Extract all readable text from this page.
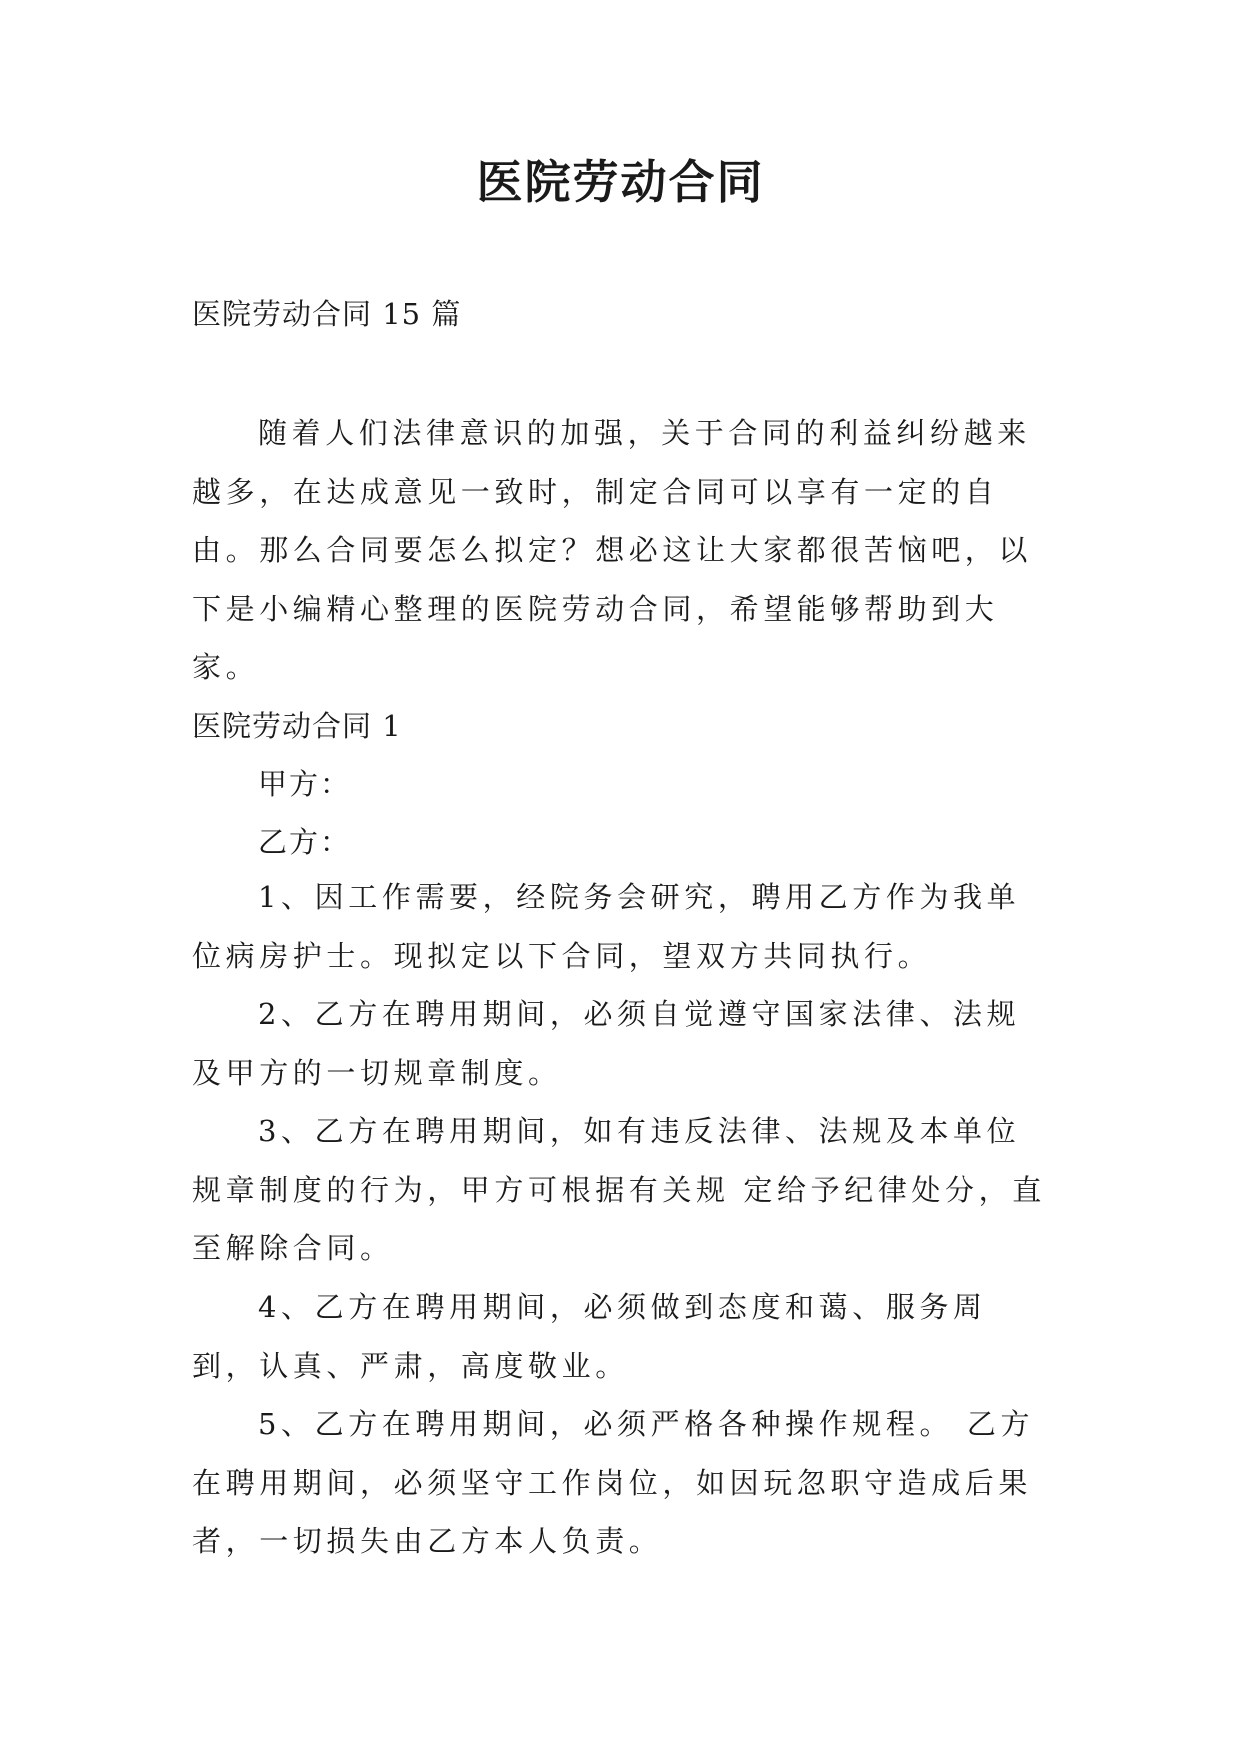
医院劳动合同
医院劳动合同 15 篇

随着人们法律意识的加强，关于合同的利益纠纷越来越多，在达成意见一致时，制定合同可以享有一定的自由。那么合同要怎么拟定？想必这让大家都很苦恼吧，以下是小编精心整理的医院劳动合同，希望能够帮助到大家。

医院劳动合同 1
甲方：
乙方：

1、因工作需要，经院务会研究，聘用乙方作为我单位病房护士。现拟定以下合同，望双方共同执行。

2、乙方在聘用期间，必须自觉遵守国家法律、法规及甲方的一切规章制度。

3、乙方在聘用期间，如有违反法律、法规及本单位规章制度的行为，甲方可根据有关规 定给予纪律处分，直至解除合同。

4、乙方在聘用期间，必须做到态度和蔼、服务周到，认真、严肃，高度敬业。

5、乙方在聘用期间，必须严格各种操作规程。 乙方在聘用期间，必须坚守工作岗位，如因玩忽职守造成后果者，一切损失由乙方本人负责。
